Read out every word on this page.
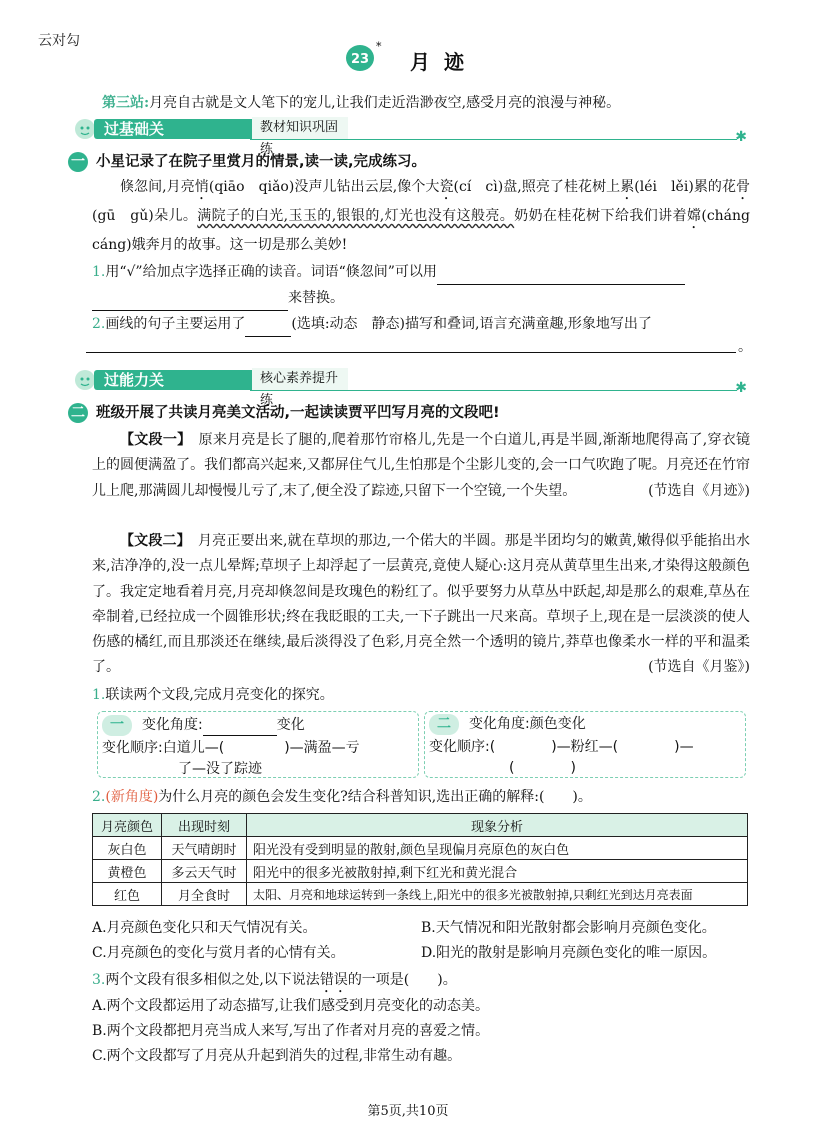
云对勾
23
*
月迹
第三站:月亮自古就是文人笔下的宠儿,让我们走近浩渺夜空,感受月亮的浪漫与神秘。
过基础关	教材知识巩固练
✱
一 小星记录了在院子里赏月的情景,读一读,完成练习。

倏忽间,月亮悄(qiāo　qiǎo)没声儿钻出云层,像个大瓷(cí　cì)盘,照亮了桂花树上累(léi　lěi)累的花骨(gū　gǔ)朵儿。满院子的白光,玉玉的,银银的,灯光也没有这般亮。奶奶在桂花树下给我们讲着嫦(cháng　cáng)娥奔月的故事。这一切是那么美妙!

1.用“√”给加点字选择正确的读音。词语“倏忽间”可以用
来替换。
2.画线的句子主要运用了	(选填:动态　静态)描写和叠词,语言充满童趣,形象地写出了
。
过能力关	核心素养提升练
✱
二 班级开展了共读月亮美文活动,一起读读贾平凹写月亮的文段吧!

【文段一】　 原来月亮是长了腿的,爬着那竹帘格儿,先是一个白道儿,再是半圆,渐渐地爬得高了,穿衣镜上的圆便满盈了。我们都高兴起来,又都屏住气儿,生怕那是个尘影儿变的,会一口气吹跑了呢。月亮还在竹帘儿上爬,那满圆儿却慢慢儿亏了,末了,便全没了踪迹,只留下一个空镜,一个失望。	(节选自《月迹》)

【文段二】　 月亮正要出来,就在草坝的那边,一个偌大的半圆。那是半团均匀的嫩黄,嫩得似乎能掐出水来,洁净净的,没一点儿晕辉;草坝子上却浮起了一层黄亮,竟使人疑心:这月亮从黄草里生出来,才染得这般颜色了。我定定地看着月亮,月亮却倏忽间是玫瑰色的粉红了。似乎要努力从草丛中跃起,却是那么的艰难,草丛在牵制着,已经拉成一个圆锥形状;终在我眨眼的工夫,一下子跳出一尺来高。草坝子上,现在是一层淡淡的使人伤感的橘红,而且那淡还在继续,最后淡得没了色彩,月亮全然一个透明的镜片,莽草也像柔水一样的平和温柔了。	(节选自《月鉴》)

1.联读两个文段,完成月亮变化的探究。
一 变化角度:	变化
变化顺序:白道儿—(	)—满盈—亏
了—没了踪迹
二 变化角度:颜色变化
变化顺序:(	)—粉红—(	)—
(	)
2.(新角度)为什么月亮的颜色会发生变化?结合科普知识,选出正确的解释:(　　)。
月亮颜色	出现时刻	现象分析
灰白色	天气晴朗时	阳光没有受到明显的散射,颜色呈现偏月亮原色的灰白色
黄橙色	多云天气时	阳光中的很多光被散射掉,剩下红光和黄光混合
红色	月全食时	太阳、月亮和地球运转到一条线上,阳光中的很多光被散射掉,只剩红光到达月亮表面
A.月亮颜色变化只和天气情况有关。	B.天气情况和阳光散射都会影响月亮颜色变化。
C.月亮颜色的变化与赏月者的心情有关。	D.阳光的散射是影响月亮颜色变化的唯一原因。
3.两个文段有很多相似之处,以下说法错误的一项是(　　)。
A.两个文段都运用了动态描写,让我们感受到月亮变化的动态美。
B.两个文段都把月亮当成人来写,写出了作者对月亮的喜爱之情。
C.两个文段都写了月亮从升起到消失的过程,非常生动有趣。
第5页,共10页
